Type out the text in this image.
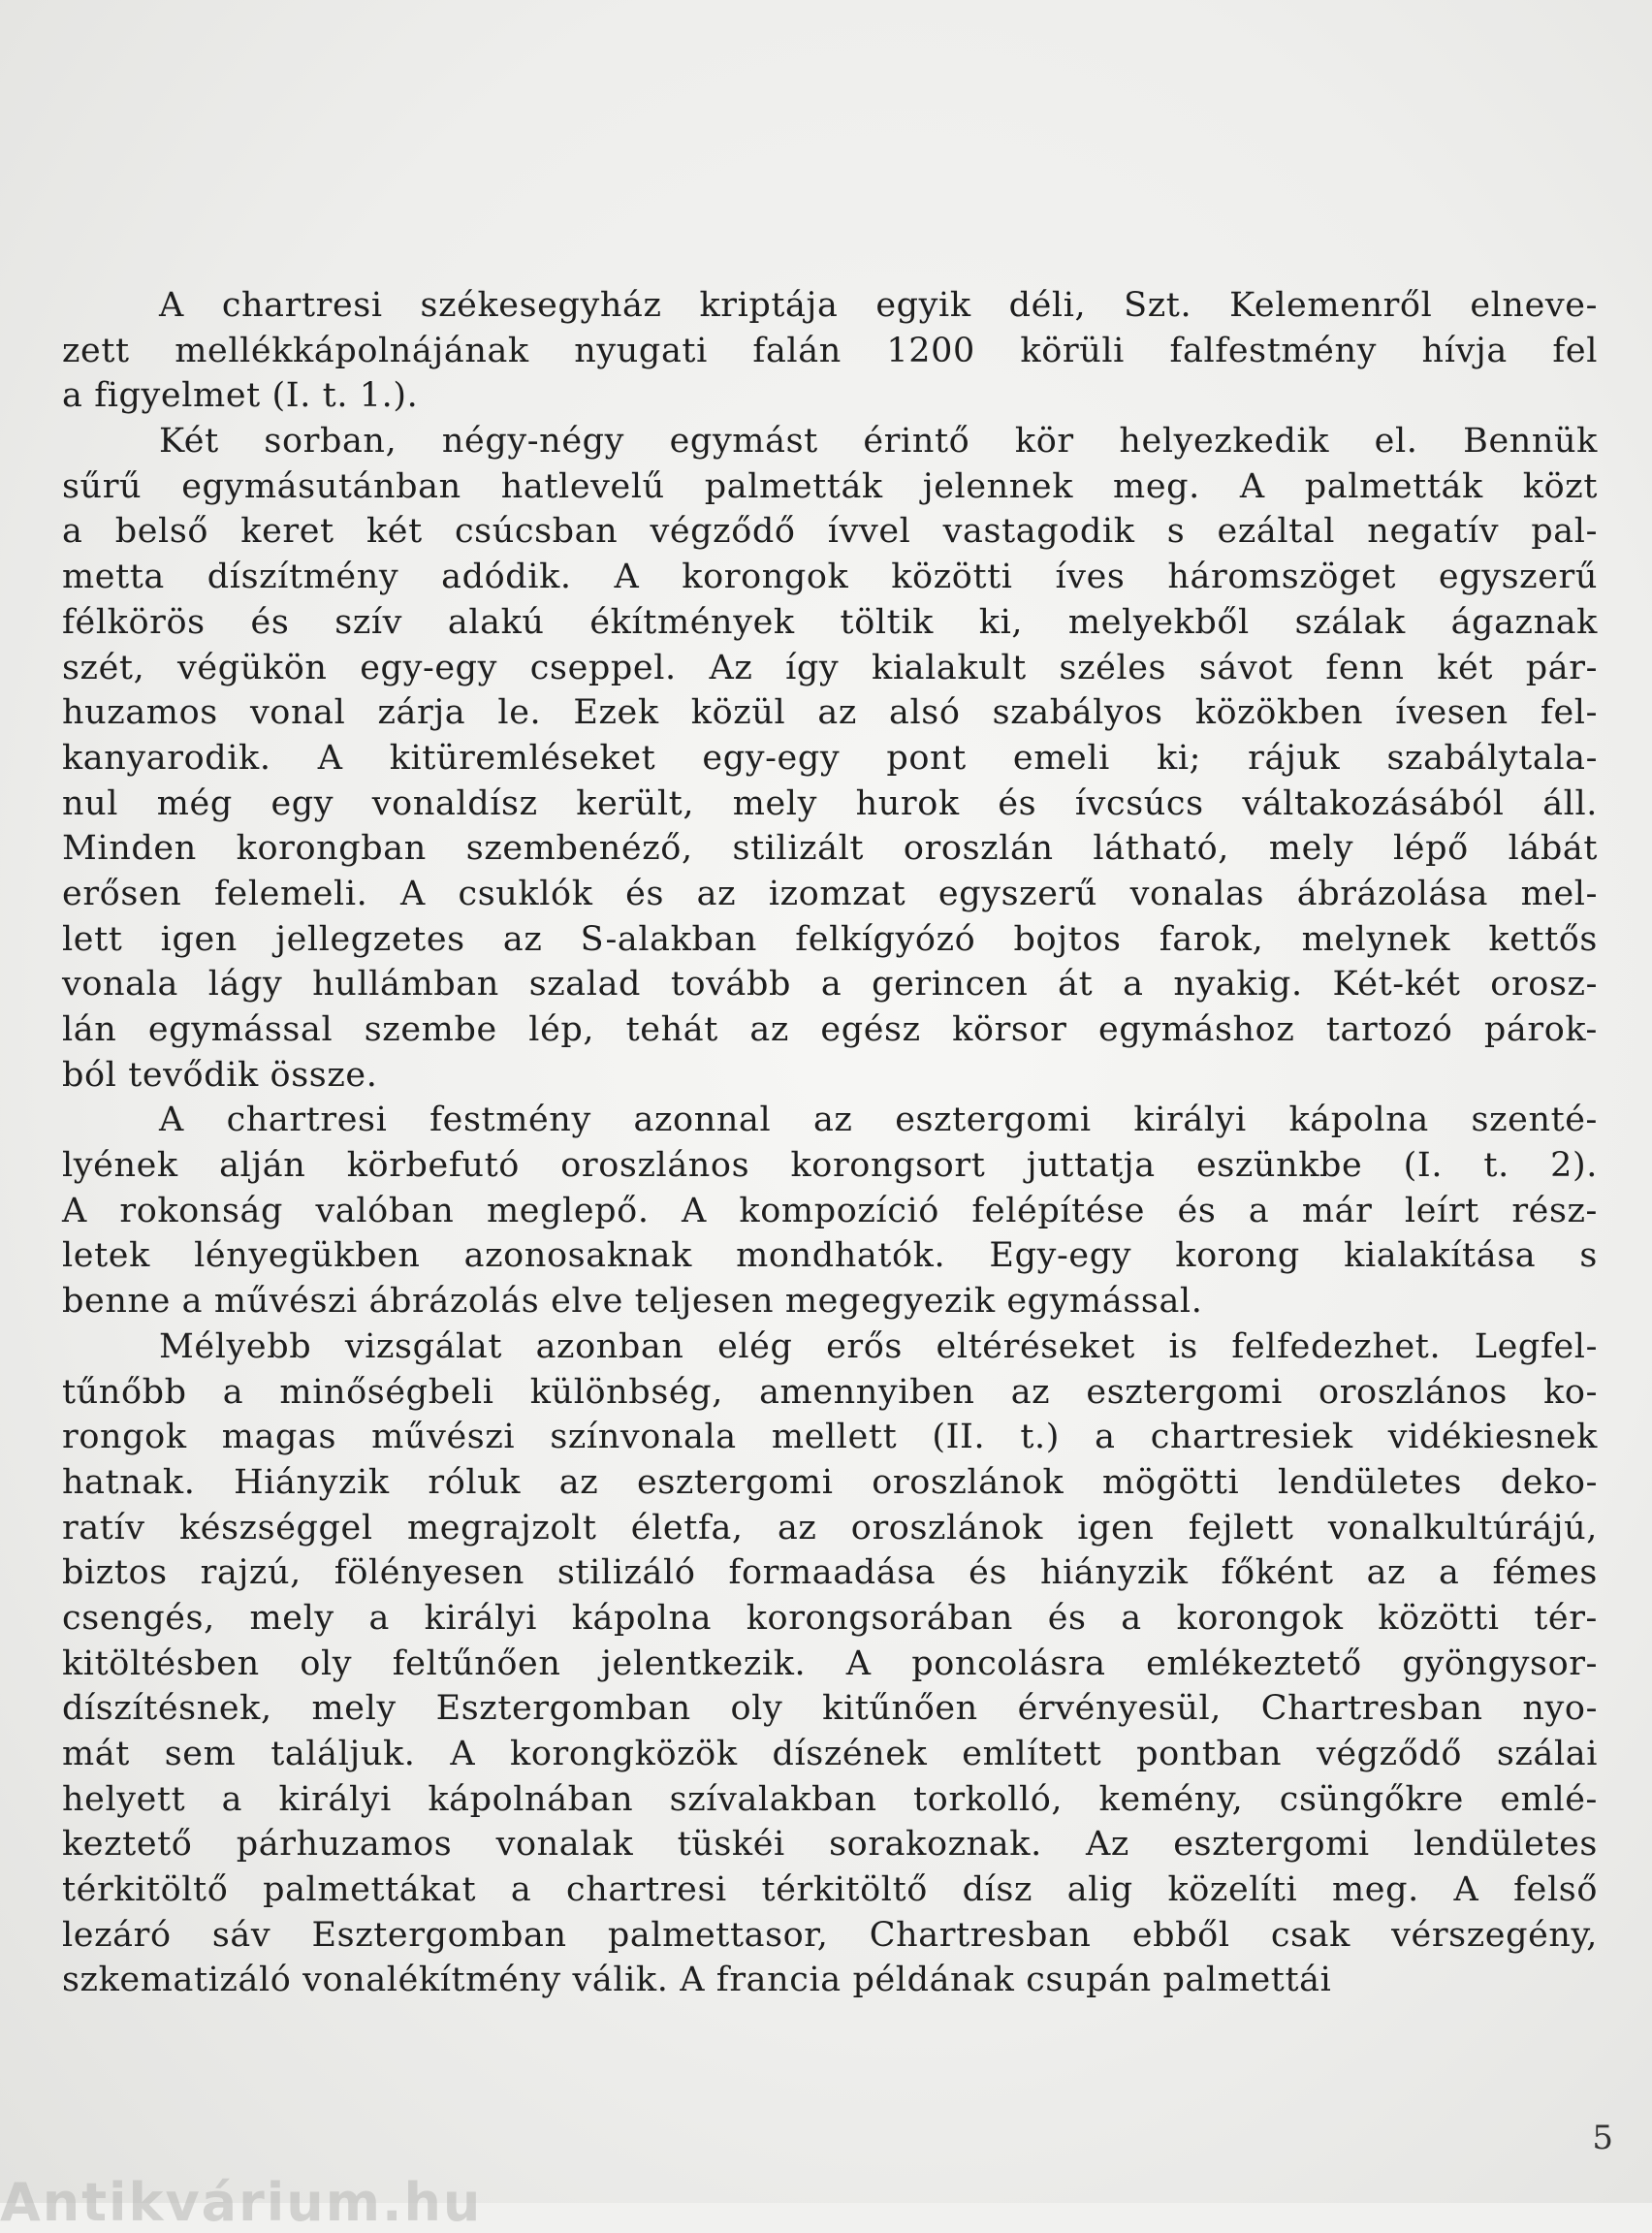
A chartresi székesegyház kriptája egyik déli, Szt. Kelemenről elneve-
zett mellékkápolnájának nyugati falán 1200 körüli falfestmény hívja fel
a figyelmet (I. t. 1.).
Két sorban, négy-négy egymást érintő kör helyezkedik el. Bennük
sűrű egymásutánban hatlevelű palmetták jelennek meg. A palmetták közt
a belső keret két csúcsban végződő ívvel vastagodik s ezáltal negatív pal-
metta díszítmény adódik. A korongok közötti íves háromszöget egyszerű
félkörös és szív alakú ékítmények töltik ki, melyekből szálak ágaznak
szét, végükön egy-egy cseppel. Az így kialakult széles sávot fenn két pár-
huzamos vonal zárja le. Ezek közül az alsó szabályos közökben ívesen fel-
kanyarodik. A kitüremléseket egy-egy pont emeli ki; rájuk szabálytala-
nul még egy vonaldísz került, mely hurok és ívcsúcs váltakozásából áll.
Minden korongban szembenéző, stilizált oroszlán látható, mely lépő lábát
erősen felemeli. A csuklók és az izomzat egyszerű vonalas ábrázolása mel-
lett igen jellegzetes az S-alakban felkígyózó bojtos farok, melynek kettős
vonala lágy hullámban szalad tovább a gerincen át a nyakig. Két-két orosz-
lán egymással szembe lép, tehát az egész körsor egymáshoz tartozó párok-
ból tevődik össze.
A chartresi festmény azonnal az esztergomi királyi kápolna szenté-
lyének alján körbefutó oroszlános korongsort juttatja eszünkbe (I. t. 2).
A rokonság valóban meglepő. A kompozíció felépítése és a már leírt rész-
letek lényegükben azonosaknak mondhatók. Egy-egy korong kialakítása s
benne a művészi ábrázolás elve teljesen megegyezik egymással.
Mélyebb vizsgálat azonban elég erős eltéréseket is felfedezhet. Legfel-
tűnőbb a minőségbeli különbség, amennyiben az esztergomi oroszlános ko-
rongok magas művészi színvonala mellett (II. t.) a chartresiek vidékiesnek
hatnak. Hiányzik róluk az esztergomi oroszlánok mögötti lendületes deko-
ratív készséggel megrajzolt életfa, az oroszlánok igen fejlett vonalkultúrájú,
biztos rajzú, fölényesen stilizáló formaadása és hiányzik főként az a fémes
csengés, mely a királyi kápolna korongsorában és a korongok közötti tér-
kitöltésben oly feltűnően jelentkezik. A poncolásra emlékeztető gyöngysor-
díszítésnek, mely Esztergomban oly kitűnően érvényesül, Chartresban nyo-
mát sem találjuk. A korongközök díszének említett pontban végződő szálai
helyett a királyi kápolnában szívalakban torkolló, kemény, csüngőkre emlé-
keztető párhuzamos vonalak tüskéi sorakoznak. Az esztergomi lendületes
térkitöltő palmettákat a chartresi térkitöltő dísz alig közelíti meg. A felső
lezáró sáv Esztergomban palmettasor, Chartresban ebből csak vérszegény,
szkematizáló vonalékítmény válik. A francia példának csupán palmettái
5
Antikvárium.hu
